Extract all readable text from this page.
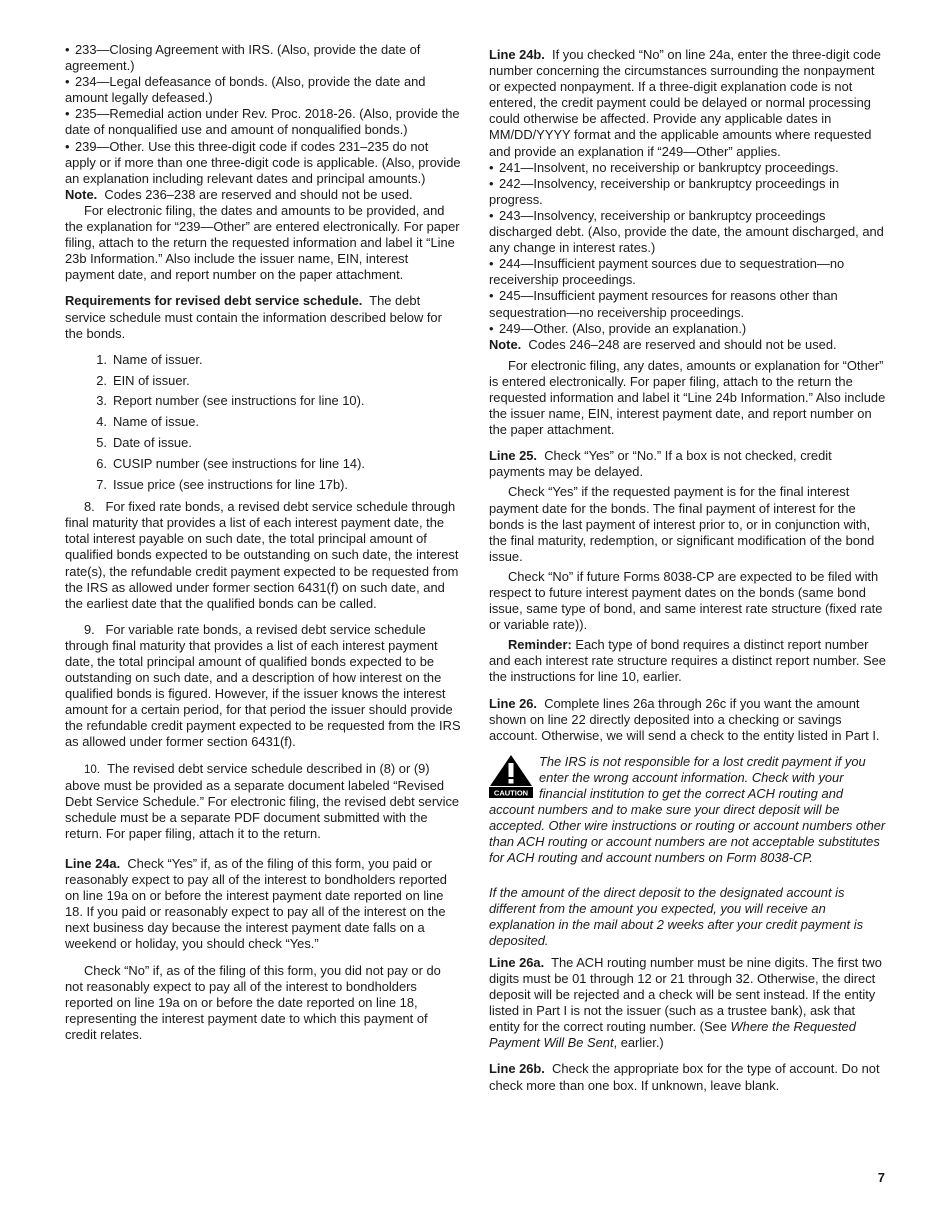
• 233—Closing Agreement with IRS. (Also, provide the date of agreement.)

• 234—Legal defeasance of bonds. (Also, provide the date and amount legally defeased.)

• 235—Remedial action under Rev. Proc. 2018-26. (Also, provide the date of nonqualified use and amount of nonqualified bonds.)

• 239—Other. Use this three-digit code if codes 231–235 do not apply or if more than one three-digit code is applicable. (Also, provide an explanation including relevant dates and principal amounts.)

Note. Codes 236–238 are reserved and should not be used.

For electronic filing, the dates and amounts to be provided, and the explanation for “239—Other” are entered electronically. For paper filing, attach to the return the requested information and label it “Line 23b Information.” Also include the issuer name, EIN, interest payment date, and report number on the paper attachment.

Requirements for revised debt service schedule. The debt service schedule must contain the information described below for the bonds.

1. Name of issuer.
2. EIN of issuer.
3. Report number (see instructions for line 10).
4. Name of issue.
5. Date of issue.
6. CUSIP number (see instructions for line 14).
7. Issue price (see instructions for line 17b).

8. For fixed rate bonds, a revised debt service schedule through final maturity that provides a list of each interest payment date, the total interest payable on such date, the total principal amount of qualified bonds expected to be outstanding on such date, the interest rate(s), the refundable credit payment expected to be requested from the IRS as allowed under former section 6431(f) on such date, and the earliest date that the qualified bonds can be called.

9. For variable rate bonds, a revised debt service schedule through final maturity that provides a list of each interest payment date, the total principal amount of qualified bonds expected to be outstanding on such date, and a description of how interest on the qualified bonds is figured. However, if the issuer knows the interest amount for a certain period, for that period the issuer should provide the refundable credit payment expected to be requested from the IRS as allowed under former section 6431(f).

10. The revised debt service schedule described in (8) or (9) above must be provided as a separate document labeled “Revised Debt Service Schedule.” For electronic filing, the revised debt service schedule must be a separate PDF document submitted with the return. For paper filing, attach it to the return.

Line 24a. Check “Yes” if, as of the filing of this form, you paid or reasonably expect to pay all of the interest to bondholders reported on line 19a on or before the interest payment date reported on line 18. If you paid or reasonably expect to pay all of the interest on the next business day because the interest payment date falls on a weekend or holiday, you should check “Yes.”

Check “No” if, as of the filing of this form, you did not pay or do not reasonably expect to pay all of the interest to bondholders reported on line 19a on or before the date reported on line 18, representing the interest payment date to which this payment of credit relates.

Line 24b. If you checked “No” on line 24a, enter the three-digit code number concerning the circumstances surrounding the nonpayment or expected nonpayment. If a three-digit explanation code is not entered, the credit payment could be delayed or normal processing could otherwise be affected. Provide any applicable dates in MM/DD/YYYY format and the applicable amounts where requested and provide an explanation if “249—Other” applies.

• 241—Insolvent, no receivership or bankruptcy proceedings.

• 242—Insolvency, receivership or bankruptcy proceedings in progress.

• 243—Insolvency, receivership or bankruptcy proceedings discharged debt. (Also, provide the date, the amount discharged, and any change in interest rates.)

• 244—Insufficient payment sources due to sequestration—no receivership proceedings.

• 245—Insufficient payment resources for reasons other than sequestration—no receivership proceedings.

• 249—Other. (Also, provide an explanation.)

Note. Codes 246–248 are reserved and should not be used.

For electronic filing, any dates, amounts or explanation for “Other” is entered electronically. For paper filing, attach to the return the requested information and label it “Line 24b Information.” Also include the issuer name, EIN, interest payment date, and report number on the paper attachment.

Line 25. Check “Yes” or “No.” If a box is not checked, credit payments may be delayed.

Check “Yes” if the requested payment is for the final interest payment date for the bonds. The final payment of interest for the bonds is the last payment of interest prior to, or in conjunction with, the final maturity, redemption, or significant modification of the bond issue.

Check “No” if future Forms 8038-CP are expected to be filed with respect to future interest payment dates on the bonds (same bond issue, same type of bond, and same interest rate structure (fixed rate or variable rate)).

Reminder: Each type of bond requires a distinct report number and each interest rate structure requires a distinct report number. See the instructions for line 10, earlier.

Line 26. Complete lines 26a through 26c if you want the amount shown on line 22 directly deposited into a checking or savings account. Otherwise, we will send a check to the entity listed in Part I.

CAUTION

The IRS is not responsible for a lost credit payment if you enter the wrong account information. Check with your financial institution to get the correct ACH routing and account numbers and to make sure your direct deposit will be accepted. Other wire instructions or routing or account numbers other than ACH routing or account numbers are not acceptable substitutes for ACH routing and account numbers on Form 8038-CP.

If the amount of the direct deposit to the designated account is different from the amount you expected, you will receive an explanation in the mail about 2 weeks after your credit payment is deposited.

Line 26a. The ACH routing number must be nine digits. The first two digits must be 01 through 12 or 21 through 32. Otherwise, the direct deposit will be rejected and a check will be sent instead. If the entity listed in Part I is not the issuer (such as a trustee bank), ask that entity for the correct routing number. (See Where the Requested Payment Will Be Sent, earlier.)

Line 26b. Check the appropriate box for the type of account. Do not check more than one box. If unknown, leave blank.

7
